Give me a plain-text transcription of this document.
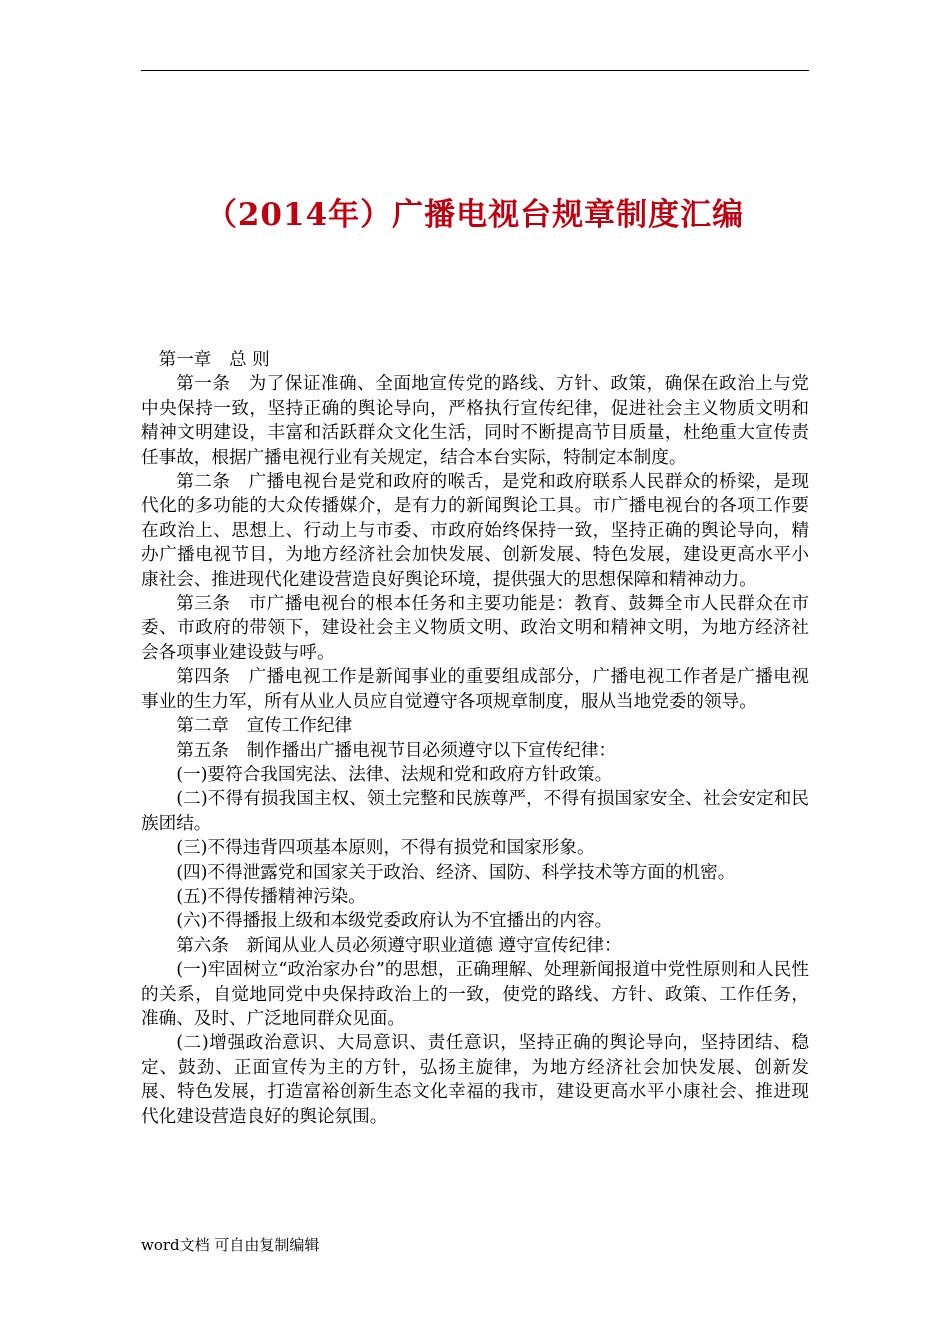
（2014年）广播电视台规章制度汇编

第一章　总 则

第一条　为了保证准确、全面地宣传党的路线、方针、政策，确保在政治上与党中央保持一致，坚持正确的舆论导向，严格执行宣传纪律，促进社会主义物质文明和精神文明建设，丰富和活跃群众文化生活，同时不断提高节目质量，杜绝重大宣传责任事故，根据广播电视行业有关规定，结合本台实际，特制定本制度。

第二条　广播电视台是党和政府的喉舌，是党和政府联系人民群众的桥梁，是现代化的多功能的大众传播媒介，是有力的新闻舆论工具。市广播电视台的各项工作要在政治上、思想上、行动上与市委、市政府始终保持一致，坚持正确的舆论导向，精办广播电视节目，为地方经济社会加快发展、创新发展、特色发展，建设更高水平小康社会、推进现代化建设营造良好舆论环境，提供强大的思想保障和精神动力。

第三条　市广播电视台的根本任务和主要功能是：教育、鼓舞全市人民群众在市委、市政府的带领下，建设社会主义物质文明、政治文明和精神文明，为地方经济社会各项事业建设鼓与呼。

第四条　广播电视工作是新闻事业的重要组成部分，广播电视工作者是广播电视事业的生力军，所有从业人员应自觉遵守各项规章制度，服从当地党委的领导。

第二章　宣传工作纪律

第五条　制作播出广播电视节目必须遵守以下宣传纪律：

(一)要符合我国宪法、法律、法规和党和政府方针政策。

(二)不得有损我国主权、领土完整和民族尊严，不得有损国家安全、社会安定和民族团结。

(三)不得违背四项基本原则，不得有损党和国家形象。

(四)不得泄露党和国家关于政治、经济、国防、科学技术等方面的机密。

(五)不得传播精神污染。

(六)不得播报上级和本级党委政府认为不宜播出的内容。

第六条　新闻从业人员必须遵守职业道德 遵守宣传纪律：

(一)牢固树立“政治家办台”的思想，正确理解、处理新闻报道中党性原则和人民性的关系，自觉地同党中央保持政治上的一致，使党的路线、方针、政策、工作任务，准确、及时、广泛地同群众见面。

(二)增强政治意识、大局意识、责任意识，坚持正确的舆论导向，坚持团结、稳定、鼓劲、正面宣传为主的方针，弘扬主旋律，为地方经济社会加快发展、创新发展、特色发展，打造富裕创新生态文化幸福的我市，建设更高水平小康社会、推进现代化建设营造良好的舆论氛围。

word文档 可自由复制编辑
